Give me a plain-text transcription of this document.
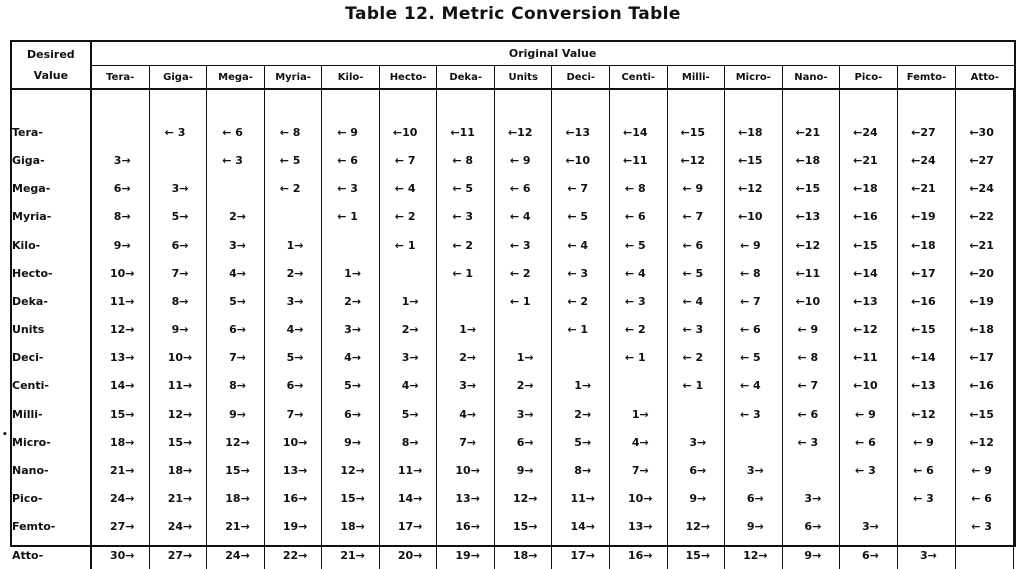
Table 12. Metric Conversion Table
Desired
Value	Original Value															
	Tera-	Giga-	Mega-	Myria-	Kilo-	Hecto-	Deka-	Units	Deci-	Centi-	Milli-	Micro-	Nano-	Pico-	Femto-	Atto-

Tera-		← 3	← 6	← 8	← 9	←10	←11	←12	←13	←14	←15	←18	←21	←24	←27	←30
Giga-	3→		← 3	← 5	← 6	← 7	← 8	← 9	←10	←11	←12	←15	←18	←21	←24	←27
Mega-	6→	3→		← 2	← 3	← 4	← 5	← 6	← 7	← 8	← 9	←12	←15	←18	←21	←24
Myria-	8→	5→	2→		← 1	← 2	← 3	← 4	← 5	← 6	← 7	←10	←13	←16	←19	←22
Kilo-	9→	6→	3→	1→		← 1	← 2	← 3	← 4	← 5	← 6	← 9	←12	←15	←18	←21
Hecto-	10→	7→	4→	2→	1→		← 1	← 2	← 3	← 4	← 5	← 8	←11	←14	←17	←20
Deka-	11→	8→	5→	3→	2→	1→		← 1	← 2	← 3	← 4	← 7	←10	←13	←16	←19
Units	12→	9→	6→	4→	3→	2→	1→		← 1	← 2	← 3	← 6	← 9	←12	←15	←18
Deci-	13→	10→	7→	5→	4→	3→	2→	1→		← 1	← 2	← 5	← 8	←11	←14	←17
Centi-	14→	11→	8→	6→	5→	4→	3→	2→	1→		← 1	← 4	← 7	←10	←13	←16
Milli-	15→	12→	9→	7→	6→	5→	4→	3→	2→	1→		← 3	← 6	← 9	←12	←15
Micro-	18→	15→	12→	10→	9→	8→	7→	6→	5→	4→	3→		← 3	← 6	← 9	←12
Nano-	21→	18→	15→	13→	12→	11→	10→	9→	8→	7→	6→	3→		← 3	← 6	← 9
Pico-	24→	21→	18→	16→	15→	14→	13→	12→	11→	10→	9→	6→	3→		← 3	← 6
Femto-	27→	24→	21→	19→	18→	17→	16→	15→	14→	13→	12→	9→	6→	3→		← 3
Atto-	30→	27→	24→	22→	21→	20→	19→	18→	17→	16→	15→	12→	9→	6→	3→	
•
